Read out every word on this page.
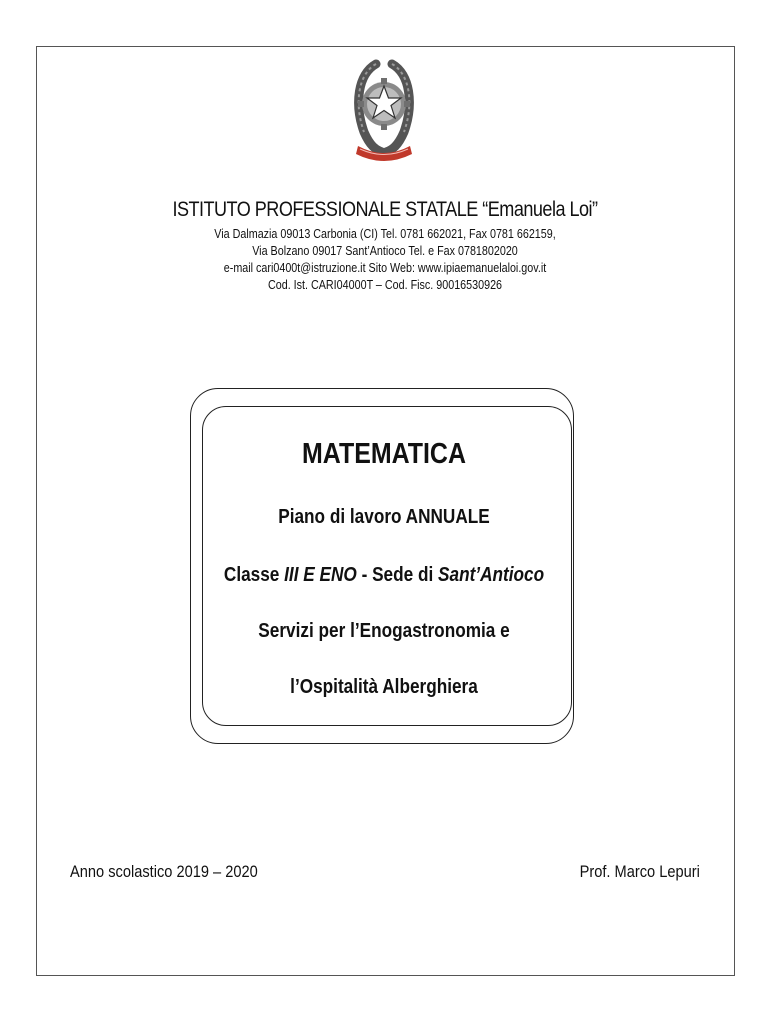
ISTITUTO PROFESSIONALE STATALE “Emanuela Loi”
Via Dalmazia 09013 Carbonia (CI) Tel. 0781 662021, Fax 0781 662159,
Via Bolzano 09017 Sant’Antioco Tel. e Fax 0781802020
e-mail cari0400t@istruzione.it Sito Web: www.ipiaemanuelaloi.gov.it
Cod. Ist. CARI04000T – Cod. Fisc. 90016530926
MATEMATICA
Piano di lavoro ANNUALE
Classe III E ENO - Sede di Sant’Antioco
Servizi per l’Enogastronomia e
l’Ospitalità Alberghiera
Anno scolastico 2019 – 2020	Prof. Marco Lepuri
